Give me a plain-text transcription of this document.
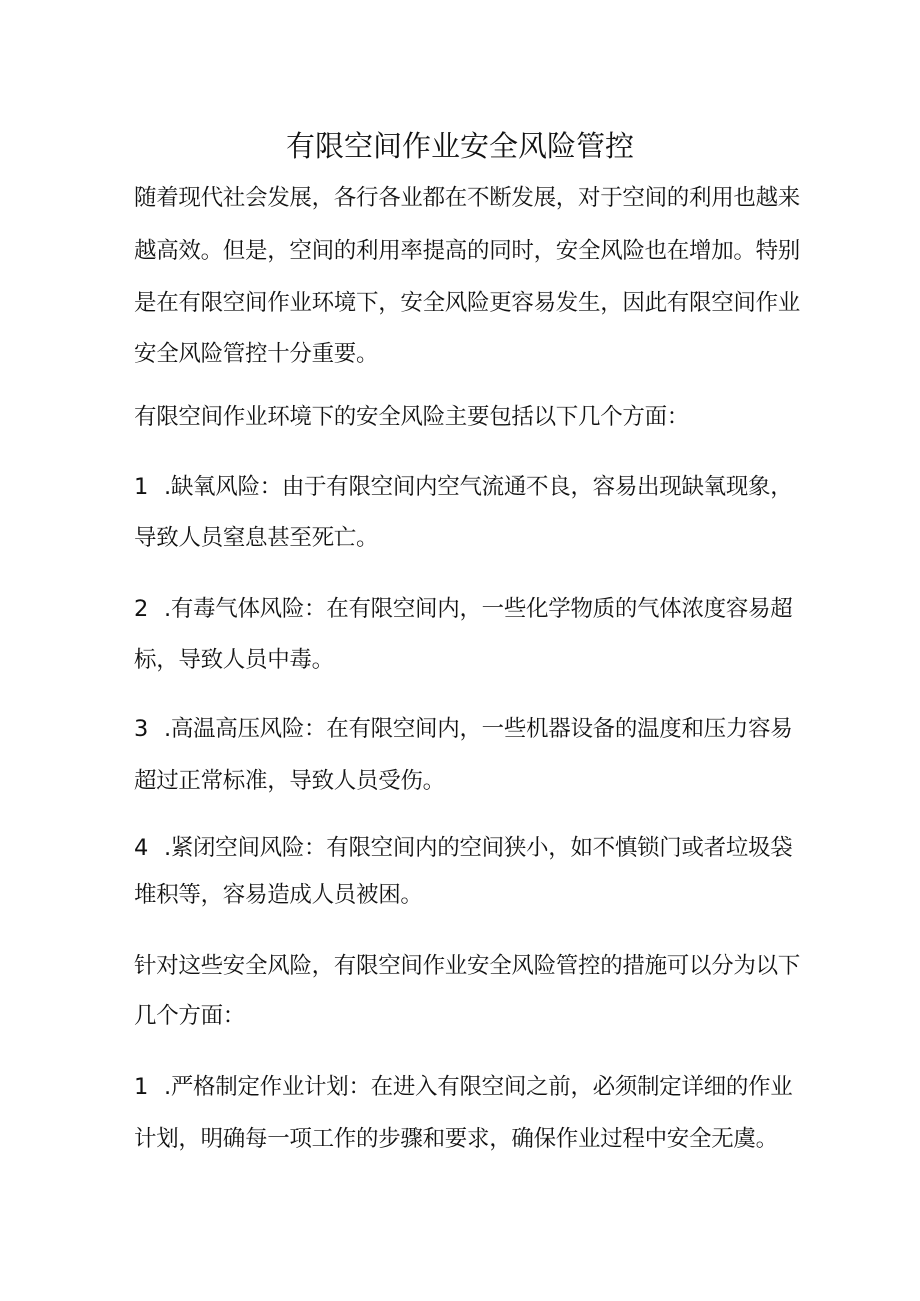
有限空间作业安全风险管控
随着现代社会发展，各行各业都在不断发展，对于空间的利用也越来
越高效。但是，空间的利用率提高的同时，安全风险也在增加。特别
是在有限空间作业环境下，安全风险更容易发生，因此有限空间作业
安全风险管控十分重要。
有限空间作业环境下的安全风险主要包括以下几个方面：
1 .缺氧风险：由于有限空间内空气流通不良，容易出现缺氧现象，
导致人员窒息甚至死亡。
2 .有毒气体风险：在有限空间内，一些化学物质的气体浓度容易超
标，导致人员中毒。
3 .高温高压风险：在有限空间内，一些机器设备的温度和压力容易
超过正常标准，导致人员受伤。
4 .紧闭空间风险：有限空间内的空间狭小，如不慎锁门或者垃圾袋
堆积等，容易造成人员被困。
针对这些安全风险，有限空间作业安全风险管控的措施可以分为以下
几个方面：
1 .严格制定作业计划：在进入有限空间之前，必须制定详细的作业
计划，明确每一项工作的步骤和要求，确保作业过程中安全无虞。
